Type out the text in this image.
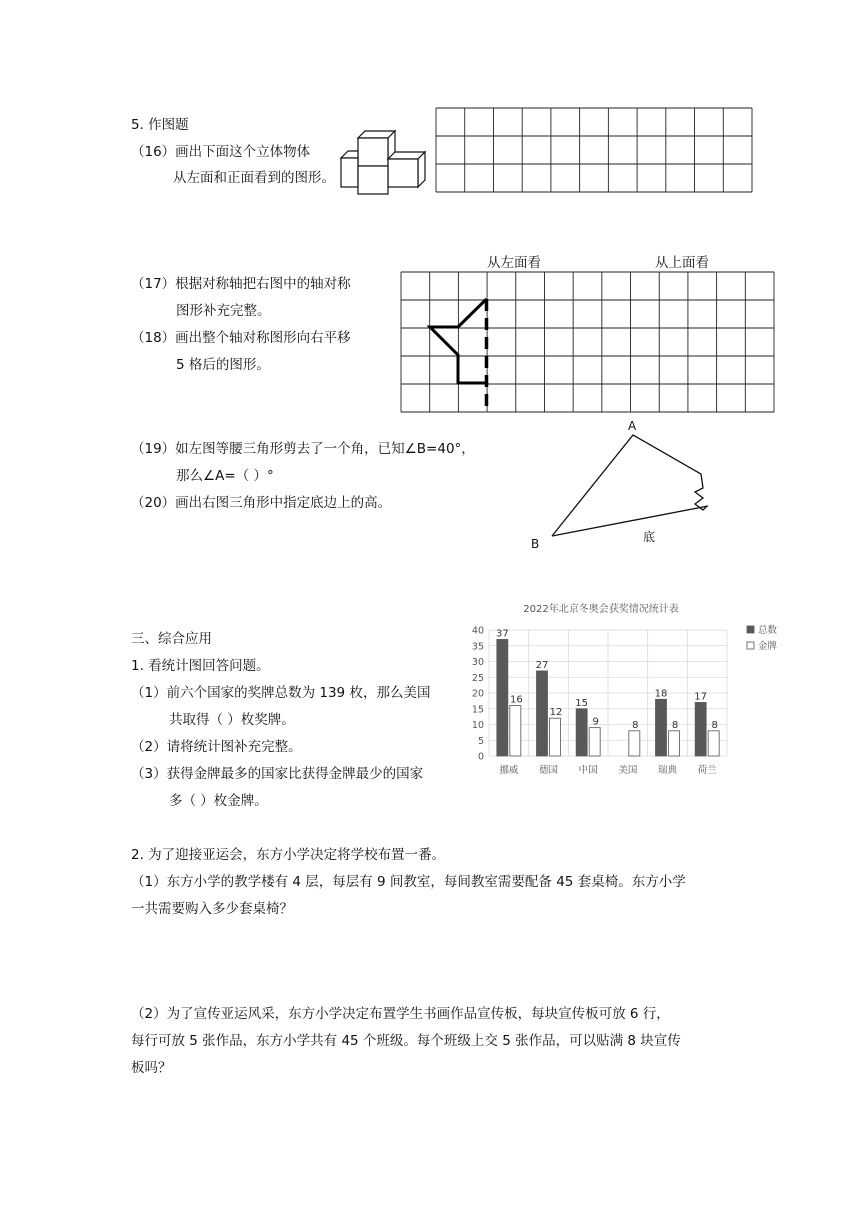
5. 作图题
（16）画出下面这个立体物体
从左面和正面看到的图形。
从左面看	从上面看
（17）根据对称轴把右图中的轴对称
图形补充完整。
（18）画出整个轴对称图形向右平移
5 格后的图形。
（19）如左图等腰三角形剪去了一个角，已知∠B=40°，
那么∠A=（ ）°
（20）画出右图三角形中指定底边上的高。
A
B	底
三、综合应用
1. 看统计图回答问题。
（1）前六个国家的奖牌总数为 139 枚，那么美国
共取得（ ）枚奖牌。
（2）请将统计图补充完整。
（3）获得金牌最多的国家比获得金牌最少的国家
多（ ）枚金牌。
2022年北京冬奥会获奖情况统计表
0
5
10
15
20
25
30
35
40 37
16
挪威
27
12
德国
15
9
中国
8
美国
18
8
瑞典
17
8
荷兰
总数
金牌
2. 为了迎接亚运会，东方小学决定将学校布置一番。
（1）东方小学的教学楼有 4 层，每层有 9 间教室，每间教室需要配备 45 套桌椅。东方小学
一共需要购入多少套桌椅？
（2）为了宣传亚运风采，东方小学决定布置学生书画作品宣传板，每块宣传板可放 6 行，
每行可放 5 张作品，东方小学共有 45 个班级。每个班级上交 5 张作品，可以贴满 8 块宣传
板吗？
